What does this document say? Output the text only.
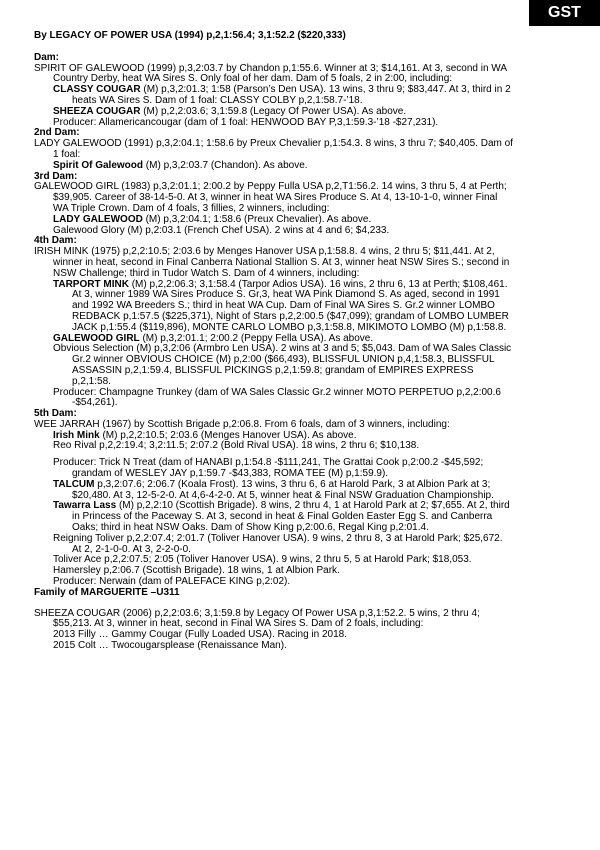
GST

By LEGACY OF POWER USA (1994) p,2,1:56.4; 3,1:52.2 ($220,333)

Dam:

SPIRIT OF GALEWOOD (1999) p,3,2:03.7 by Chandon p,1:55.6. Winner at 3; $14,161. At 3, second in WA Country Derby, heat WA Sires S. Only foal of her dam. Dam of 5 foals, 2 in 2:00, including:

CLASSY COUGAR (M) p,3,2:01.3; 1:58 (Parson’s Den USA). 13 wins, 3 thru 9; $83,447. At 3, third in 2 heats WA Sires S. Dam of 1 foal: CLASSY COLBY p,2,1:58.7-’18.

SHEEZA COUGAR (M) p,2,2:03.6; 3,1:59.8 (Legacy Of Power USA). As above.

Producer: Allamericancougar (dam of 1 foal: HENWOOD BAY P,3,1:59.3-’18 -$27,231).

2nd Dam:

LADY GALEWOOD (1991) p,3,2:04.1; 1:58.6 by Preux Chevalier p,1:54.3. 8 wins, 3 thru 7; $40,405. Dam of 1 foal:

Spirit Of Galewood (M) p,3,2:03.7 (Chandon). As above.

3rd Dam:

GALEWOOD GIRL (1983) p,3,2:01.1; 2:00.2 by Peppy Fulla USA p,2,T1:56.2. 14 wins, 3 thru 5, 4 at Perth; $39,905. Career of 38-14-5-0. At 3, winner in heat WA Sires Produce S. At 4, 13-10-1-0, winner Final WA Triple Crown. Dam of 4 foals, 3 fillies, 2 winners, including:

LADY GALEWOOD (M) p,3,2:04.1; 1:58.6 (Preux Chevalier). As above.

Galewood Glory (M) p,2:03.1 (French Chef USA). 2 wins at 4 and 6; $4,233.

4th Dam:

IRISH MINK (1975) p,2,2:10.5; 2:03.6 by Menges Hanover USA p,1:58.8. 4 wins, 2 thru 5; $11,441. At 2, winner in heat, second in Final Canberra National Stallion S. At 3, winner heat NSW Sires S.; second in NSW Challenge; third in Tudor Watch S. Dam of 4 winners, including:

TARPORT MINK (M) p,2,2:06.3; 3,1:58.4 (Tarpor Adios USA). 16 wins, 2 thru 6, 13 at Perth; $108,461. At 3, winner 1989 WA Sires Produce S. Gr,3, heat WA Pink Diamond S. As aged, second in 1991 and 1992 WA Breeders S.; third in heat WA Cup. Dam of Final WA Sires S. Gr.2 winner LOMBO REDBACK p,1:57.5 ($225,371), Night of Stars p,2,2:00.5 ($47,099); grandam of LOMBO LUMBER JACK p,1:55.4 ($119,896), MONTE CARLO LOMBO p,3,1:58.8, MIKIMOTO LOMBO (M) p,1:58.8.

GALEWOOD GIRL (M) p,3,2:01.1; 2:00.2 (Peppy Fella USA). As above.

Obvious Selection (M) p,3,2:06 (Armbro Len USA). 2 wins at 3 and 5; $5,043. Dam of WA Sales Classic Gr.2 winner OBVIOUS CHOICE (M) p,2:00 ($66,493), BLISSFUL UNION p,4,1:58.3, BLISSFUL ASSASSIN p,2,1:59.4, BLISSFUL PICKINGS p,2,1:59.8; grandam of EMPIRES EXPRESS p,2,1:58.

Producer: Champagne Trunkey (dam of WA Sales Classic Gr.2 winner MOTO PERPETUO p,2,2:00.6 -$54,261).

5th Dam:

WEE JARRAH (1967) by Scottish Brigade p,2:06.8. From 6 foals, dam of 3 winners, including:

Irish Mink (M) p,2,2:10.5; 2:03.6 (Menges Hanover USA). As above.

Reo Rival p,2,2:19.4; 3,2:11.5; 2:07.2 (Bold Rival USA). 18 wins, 2 thru 6; $10,138.

Producer: Trick N Treat (dam of HANABI p,1:54.8 -$111,241, The Grattai Cook p,2:00.2 -$45,592; grandam of WESLEY JAY p,1:59.7 -$43,383, ROMA TEE (M) p,1:59.9).

TALCUM p,3,2:07.6; 2:06.7 (Koala Frost). 13 wins, 3 thru 6, 6 at Harold Park, 3 at Albion Park at 3; $20,480. At 3, 12-5-2-0. At 4,6-4-2-0. At 5, winner heat & Final NSW Graduation Championship.

Tawarra Lass (M) p,2,2:10 (Scottish Brigade). 8 wins, 2 thru 4, 1 at Harold Park at 2; $7,655. At 2, third in Princess of the Paceway S. At 3, second in heat & Final Golden Easter Egg S. and Canberra Oaks; third in heat NSW Oaks. Dam of Show King p,2:00.6, Regal King p,2:01.4.

Reigning Toliver p,2,2:07.4; 2:01.7 (Toliver Hanover USA). 9 wins, 2 thru 8, 3 at Harold Park; $25,672. At 2, 2-1-0-0. At 3, 2-2-0-0.

Toliver Ace p,2,2:07.5; 2:05 (Toliver Hanover USA). 9 wins, 2 thru 5, 5 at Harold Park; $18,053.

Hamersley p,2:06.7 (Scottish Brigade). 18 wins, 1 at Albion Park.

Producer: Nerwain (dam of PALEFACE KING p,2:02).

Family of MARGUERITE –U311

SHEEZA COUGAR (2006) p,2,2:03.6; 3,1:59.8 by Legacy Of Power USA p,3,1:52.2. 5 wins, 2 thru 4; $55,213. At 3, winner in heat, second in Final WA Sires S. Dam of 2 foals, including:

2013 Filly … Gammy Cougar (Fully Loaded USA). Racing in 2018.

2015 Colt … Twocougarsplease (Renaissance Man).
